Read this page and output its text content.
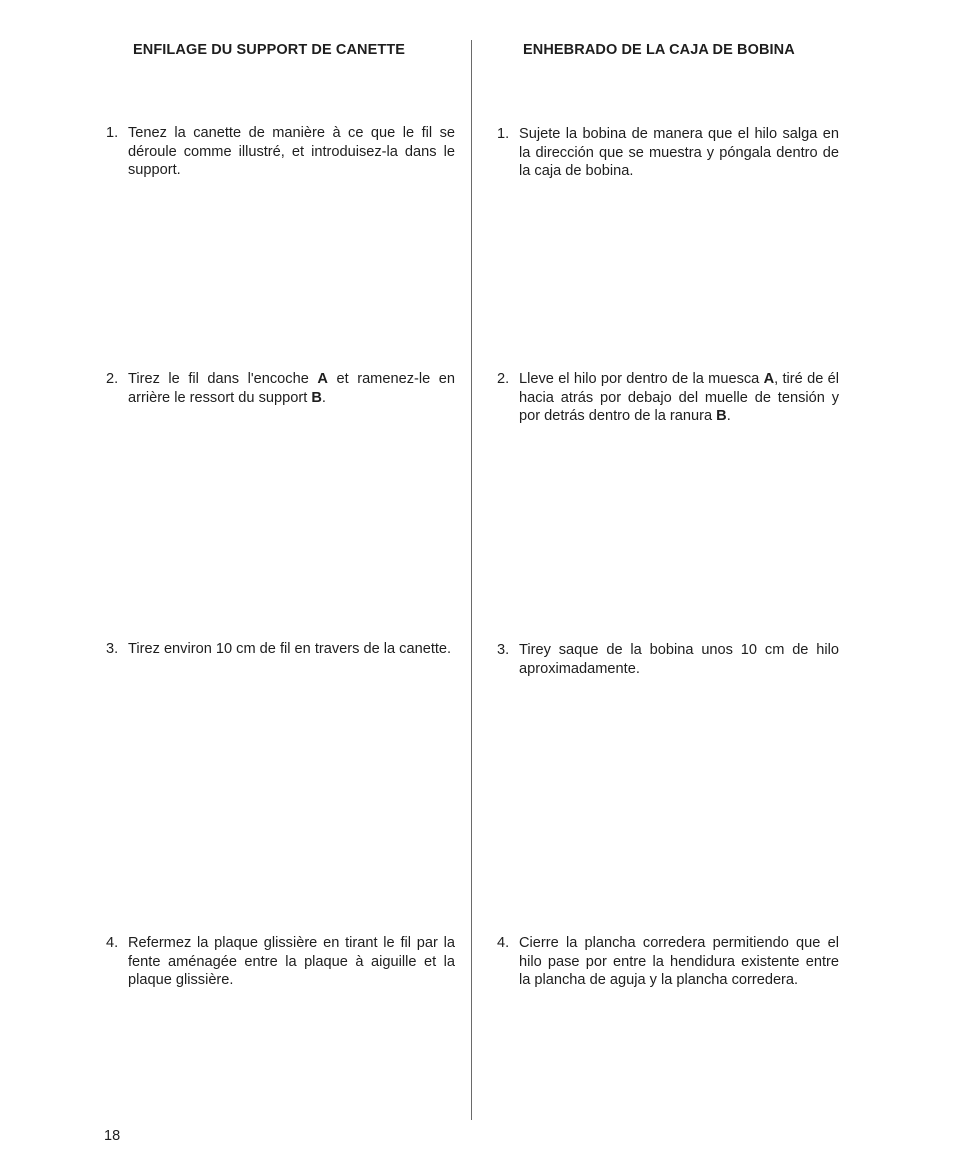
ENFILAGE DU SUPPORT DE CANETTE	ENHEBRADO DE LA CAJA DE BOBINA
1. Tenez la canette de manière à ce que le fil se déroule comme illustré, et introduisez-la dans le support.
2. Tirez le fil dans l'encoche A et ramenez-le en arrière le ressort du support B.
3. Tirez environ 10 cm de fil en travers de la canette.
4. Refermez la plaque glissière en tirant le fil par la fente aménagée entre la plaque à aiguille et la plaque glissière.
1. Sujete la bobina de manera que el hilo salga en la dirección que se muestra y póngala dentro de la caja de bobina.
2. Lleve el hilo por dentro de la muesca A, tiré de él hacia atrás por debajo del muelle de tensión y por detrás dentro de la ranura B.
3. Tirey saque de la bobina unos 10 cm de hilo aproximadamente.
4. Cierre la plancha corredera permitiendo que el hilo pase por entre la hendidura existente entre la plancha de aguja y la plancha corredera.
18
